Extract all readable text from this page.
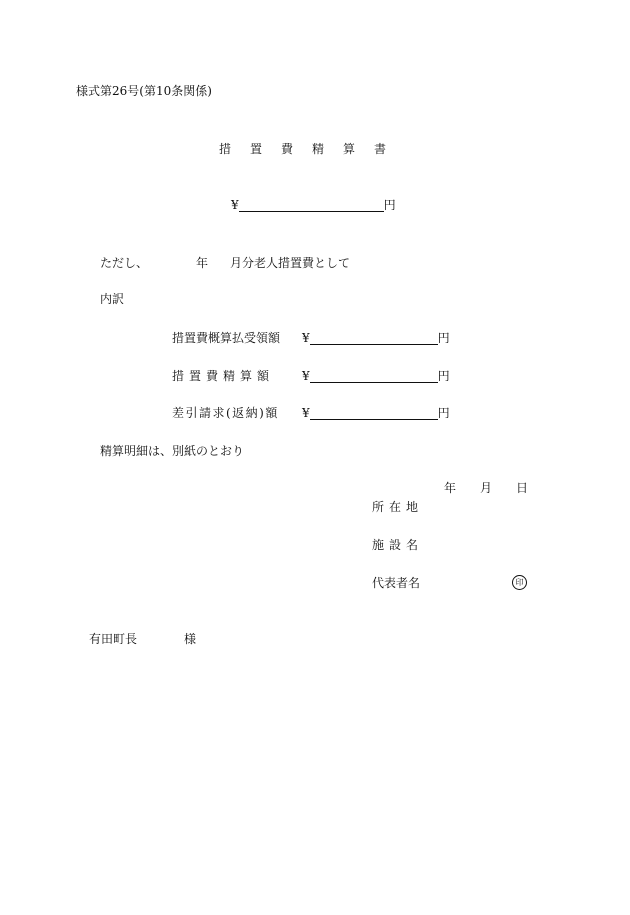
様式第26号(第10条関係)
措置費精算書
¥	円
ただし、	年 月分老人措置費として
内訳
措置費概算払受領額 ¥	円
措置費精算額 ¥	円
差引請求(返納)額 ¥	円
精算明細は、別紙のとおり
年 月 日
所在地
施設名
代表者名	印
有田町長	様
